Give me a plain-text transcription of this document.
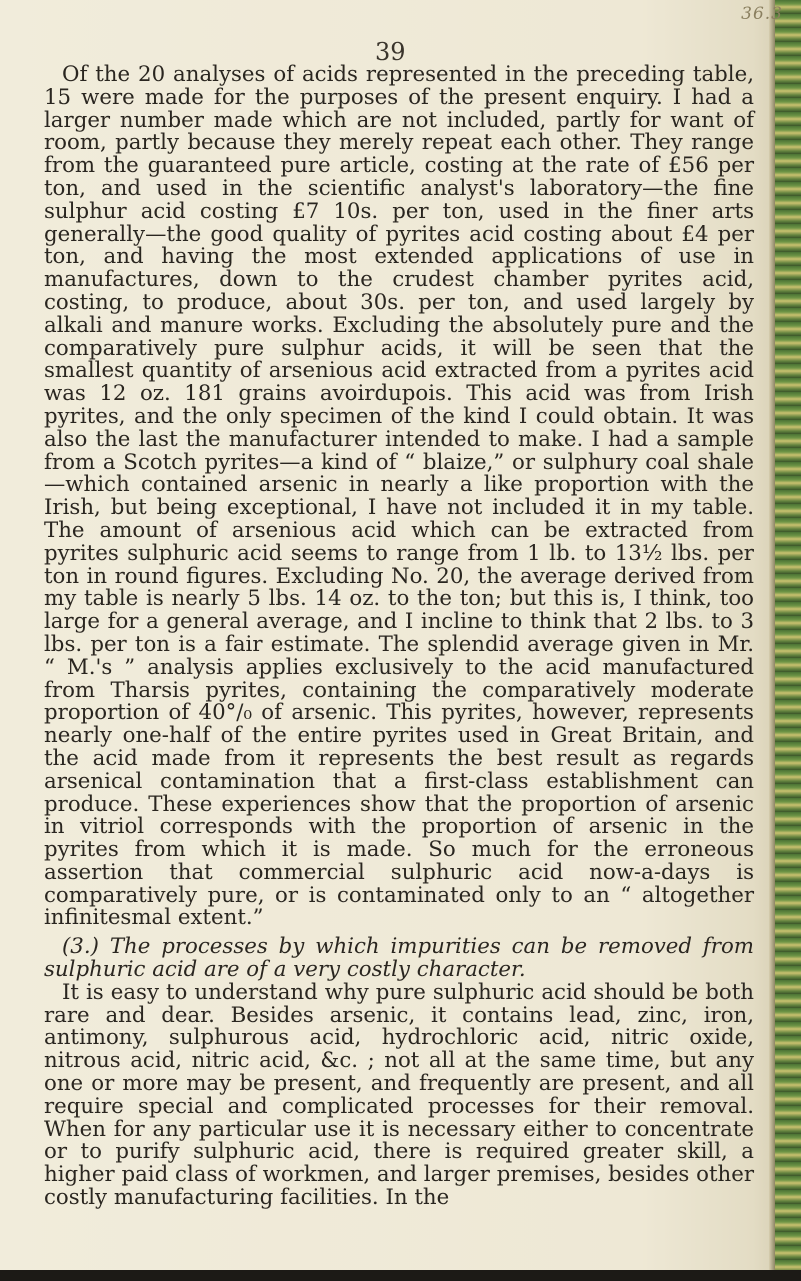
36.3
39

Of the 20 analyses of acids represented in the preceding table, 15 were made for the purposes of the present enquiry. I had a larger number made which are not included, partly for want of room, partly because they merely repeat each other. They range from the guaranteed pure article, costing at the rate of £56 per ton, and used in the scientific analyst's laboratory—the fine sulphur acid costing £7 10s. per ton, used in the finer arts generally—the good quality of pyrites acid costing about £4 per ton, and having the most extended applications of use in manufactures, down to the crudest chamber pyrites acid, costing, to produce, about 30s. per ton, and used largely by alkali and manure works. Excluding the absolutely pure and the comparatively pure sulphur acids, it will be seen that the smallest quantity of arsenious acid extracted from a pyrites acid was 12 oz. 181 grains avoirdupois. This acid was from Irish pyrites, and the only specimen of the kind I could obtain. It was also the last the manufacturer intended to make. I had a sample from a Scotch pyrites—a kind of “ blaize,” or sulphury coal shale—which contained arsenic in nearly a like proportion with the Irish, but being exceptional, I have not included it in my table. The amount of arsenious acid which can be extracted from pyrites sulphuric acid seems to range from 1 lb. to 13½ lbs. per ton in round figures. Excluding No. 20, the average derived from my table is nearly 5 lbs. 14 oz. to the ton; but this is, I think, too large for a general average, and I incline to think that 2 lbs. to 3 lbs. per ton is a fair estimate. The splendid average given in Mr. “ M.'s ” analysis applies exclusively to the acid manufactured from Tharsis pyrites, containing the comparatively moderate proportion of 40°/₀ of arsenic. This pyrites, however, represents nearly one-half of the entire pyrites used in Great Britain, and the acid made from it represents the best result as regards arsenical contamination that a first-class establishment can produce. These experiences show that the proportion of arsenic in vitriol corresponds with the proportion of arsenic in the pyrites from which it is made. So much for the erroneous assertion that commercial sulphuric acid now-a-days is comparatively pure, or is contaminated only to an “ altogether infinitesmal extent.”

(3.) The processes by which impurities can be removed from sulphuric acid are of a very costly character.

It is easy to understand why pure sulphuric acid should be both rare and dear. Besides arsenic, it contains lead, zinc, iron, antimony, sulphurous acid, hydrochloric acid, nitric oxide, nitrous acid, nitric acid, &c. ; not all at the same time, but any one or more may be present, and frequently are present, and all require special and complicated processes for their removal. When for any particular use it is necessary either to concentrate or to purify sulphuric acid, there is required greater skill, a higher paid class of workmen, and larger premises, besides other costly manufacturing facilities. In the
